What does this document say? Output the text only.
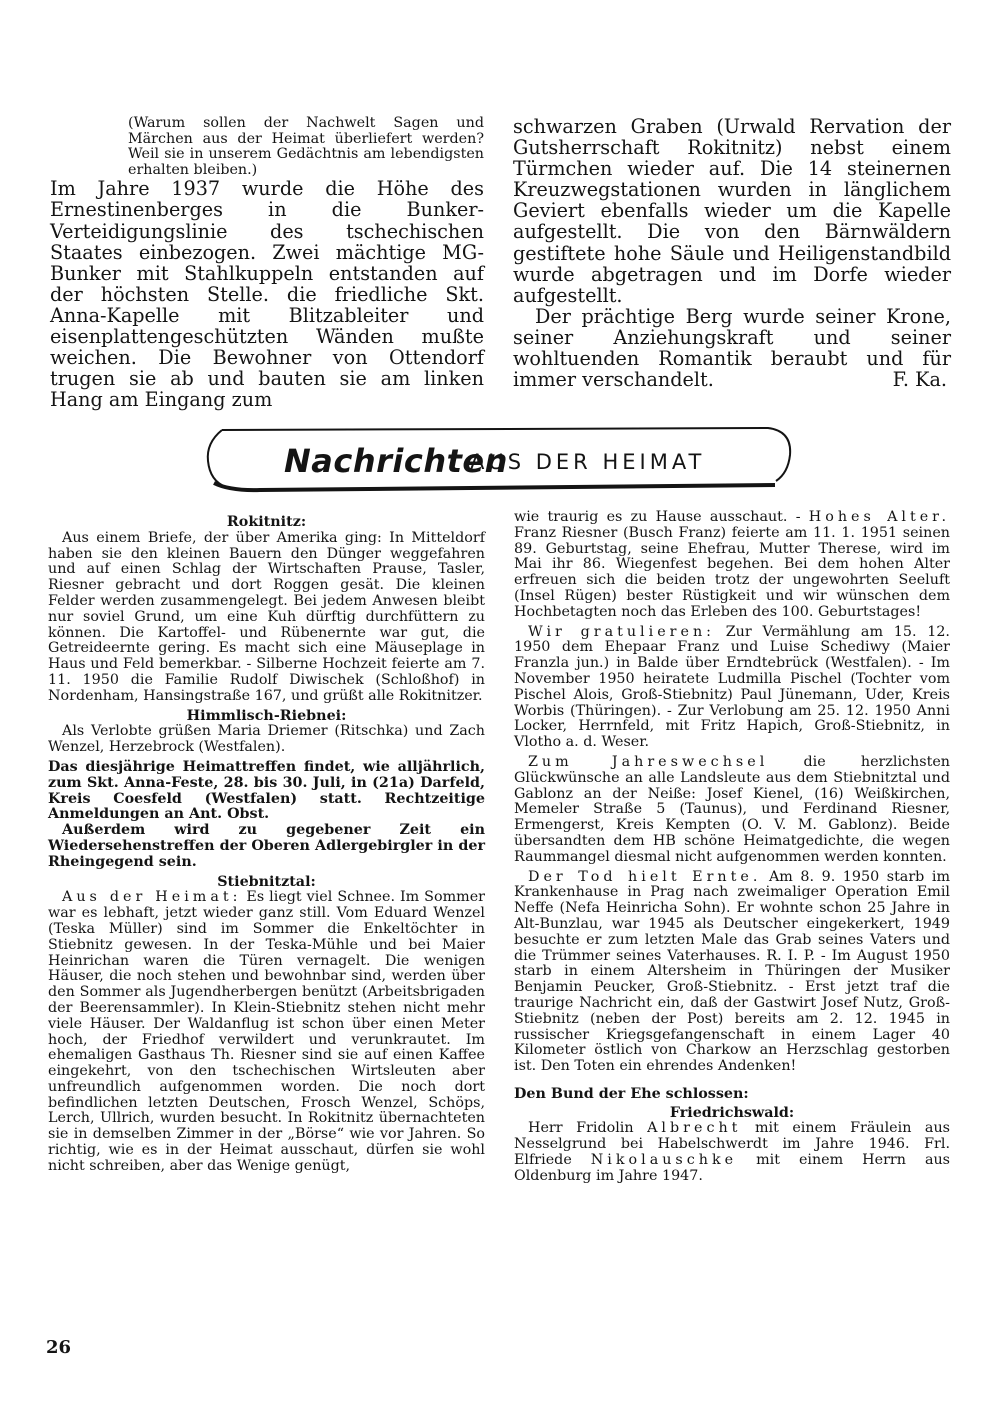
(Warum sollen der Nachwelt Sagen und Märchen aus der Heimat überliefert werden? Weil sie in unserem Gedächtnis am lebendigsten erhalten bleiben.)

Im Jahre 1937 wurde die Höhe des Ernestinenberges in die Bunker-Verteidigungslinie des tschechischen Staates einbezogen. Zwei mächtige MG-Bunker mit Stahlkuppeln entstanden auf der höchsten Stelle. die friedliche Skt. Anna-Kapelle mit Blitzableiter und eisenplattengeschützten Wänden mußte weichen. Die Bewohner von Ottendorf trugen sie ab und bauten sie am linken Hang am Eingang zum

schwarzen Graben (Urwald Rervation der Gutsherrschaft Rokitnitz) nebst einem Türmchen wieder auf. Die 14 steinernen Kreuzwegstationen wurden in länglichem Geviert ebenfalls wieder um die Kapelle aufgestellt. Die von den Bärnwäldern gestiftete hohe Säule und Heiligenstandbild wurde abgetragen und im Dorfe wieder aufgestellt.

Der prächtige Berg wurde seiner Krone, seiner Anziehungskraft und seiner wohltuenden Romantik beraubt und für immer verschandelt.	F. Ka.
Nachrichten
AUS DER HEIMAT

Rokitnitz:

Aus einem Briefe, der über Amerika ging: In Mitteldorf haben sie den kleinen Bauern den Dünger weggefahren und auf einen Schlag der Wirtschaften Prause, Tasler, Riesner gebracht und dort Roggen gesät. Die kleinen Felder werden zusammengelegt. Bei jedem Anwesen bleibt nur soviel Grund, um eine Kuh dürftig durchfüttern zu können. Die Kartoffel- und Rübenernte war gut, die Getreideernte gering. Es macht sich eine Mäuseplage in Haus und Feld bemerkbar. - Silberne Hochzeit feierte am 7. 11. 1950 die Familie Rudolf Diwischek (Schloßhof) in Nordenham, Hansingstraße 167, und grüßt alle Rokitnitzer.

Himmlisch-Riebnei:

Als Verlobte grüßen Maria Driemer (Ritschka) und Zach Wenzel, Herzebrock (Westfalen).

Das diesjährige Heimattreffen findet, wie alljährlich, zum Skt. Anna-Feste, 28. bis 30. Juli, in (21a) Darfeld, Kreis Coesfeld (Westfalen) statt. Rechtzeitige Anmeldungen an Ant. Obst.

Außerdem wird zu gegebener Zeit ein Wiedersehenstreffen der Oberen Adlergebirgler in der Rheingegend sein.

Stiebnitztal:

Aus der Heimat: Es liegt viel Schnee. Im Sommer war es lebhaft, jetzt wieder ganz still. Vom Eduard Wenzel (Teska Müller) sind im Sommer die Enkeltöchter in Stiebnitz gewesen. In der Teska-Mühle und bei Maier Heinrichan waren die Türen vernagelt. Die wenigen Häuser, die noch stehen und bewohnbar sind, werden über den Sommer als Jugendherbergen benützt (Arbeitsbrigaden der Beerensammler). In Klein-Stiebnitz stehen nicht mehr viele Häuser. Der Waldanflug ist schon über einen Meter hoch, der Friedhof verwildert und verunkrautet. Im ehemaligen Gasthaus Th. Riesner sind sie auf einen Kaffee eingekehrt, von den tschechischen Wirtsleuten aber unfreundlich aufgenommen worden. Die noch dort befindlichen letzten Deutschen, Frosch Wenzel, Schöps, Lerch, Ullrich, wurden besucht. In Rokitnitz übernachteten sie in demselben Zimmer in der „Börse“ wie vor Jahren. So richtig, wie es in der Heimat ausschaut, dürfen sie wohl nicht schreiben, aber das Wenige genügt,

wie traurig es zu Hause ausschaut. - Hohes Alter. Franz Riesner (Busch Franz) feierte am 11. 1. 1951 seinen 89. Geburtstag, seine Ehefrau, Mutter Therese, wird im Mai ihr 86. Wiegenfest begehen. Bei dem hohen Alter erfreuen sich die beiden trotz der ungewohrten Seeluft (Insel Rügen) bester Rüstigkeit und wir wünschen dem Hochbetagten noch das Erleben des 100. Geburtstages!

Wir gratulieren: Zur Vermählung am 15. 12. 1950 dem Ehepaar Franz und Luise Schediwy (Maier Franzla jun.) in Balde über Erndtebrück (Westfalen). - Im November 1950 heiratete Ludmilla Pischel (Tochter vom Pischel Alois, Groß-Stiebnitz) Paul Jünemann, Uder, Kreis Worbis (Thüringen). - Zur Verlobung am 25. 12. 1950 Anni Locker, Herrnfeld, mit Fritz Hapich, Groß-Stiebnitz, in Vlotho a. d. Weser.

Zum Jahreswechsel die herzlichsten Glückwünsche an alle Landsleute aus dem Stiebnitztal und Gablonz an der Neiße: Josef Kienel, (16) Weißkirchen, Memeler Straße 5 (Taunus), und Ferdinand Riesner, Ermengerst, Kreis Kempten (O. V. M. Gablonz). Beide übersandten dem HB schöne Heimatgedichte, die wegen Raummangel diesmal nicht aufgenommen werden konnten.

Der Tod hielt Ernte. Am 8. 9. 1950 starb im Krankenhause in Prag nach zweimaliger Operation Emil Neffe (Nefa Heinricha Sohn). Er wohnte schon 25 Jahre in Alt-Bunzlau, war 1945 als Deutscher eingekerkert, 1949 besuchte er zum letzten Male das Grab seines Vaters und die Trümmer seines Vaterhauses. R. I. P. - Im August 1950 starb in einem Altersheim in Thüringen der Musiker Benjamin Peucker, Groß-Stiebnitz. - Erst jetzt traf die traurige Nachricht ein, daß der Gastwirt Josef Nutz, Groß-Stiebnitz (neben der Post) bereits am 2. 12. 1945 in russischer Kriegsgefangenschaft in einem Lager 40 Kilometer östlich von Charkow an Herzschlag gestorben ist. Den Toten ein ehrendes Andenken!

Den Bund der Ehe schlossen:

Friedrichswald:

Herr Fridolin Albrecht mit einem Fräulein aus Nesselgrund bei Habelschwerdt im Jahre 1946. Frl. Elfriede Nikolauschke mit einem Herrn aus Oldenburg im Jahre 1947.

26
